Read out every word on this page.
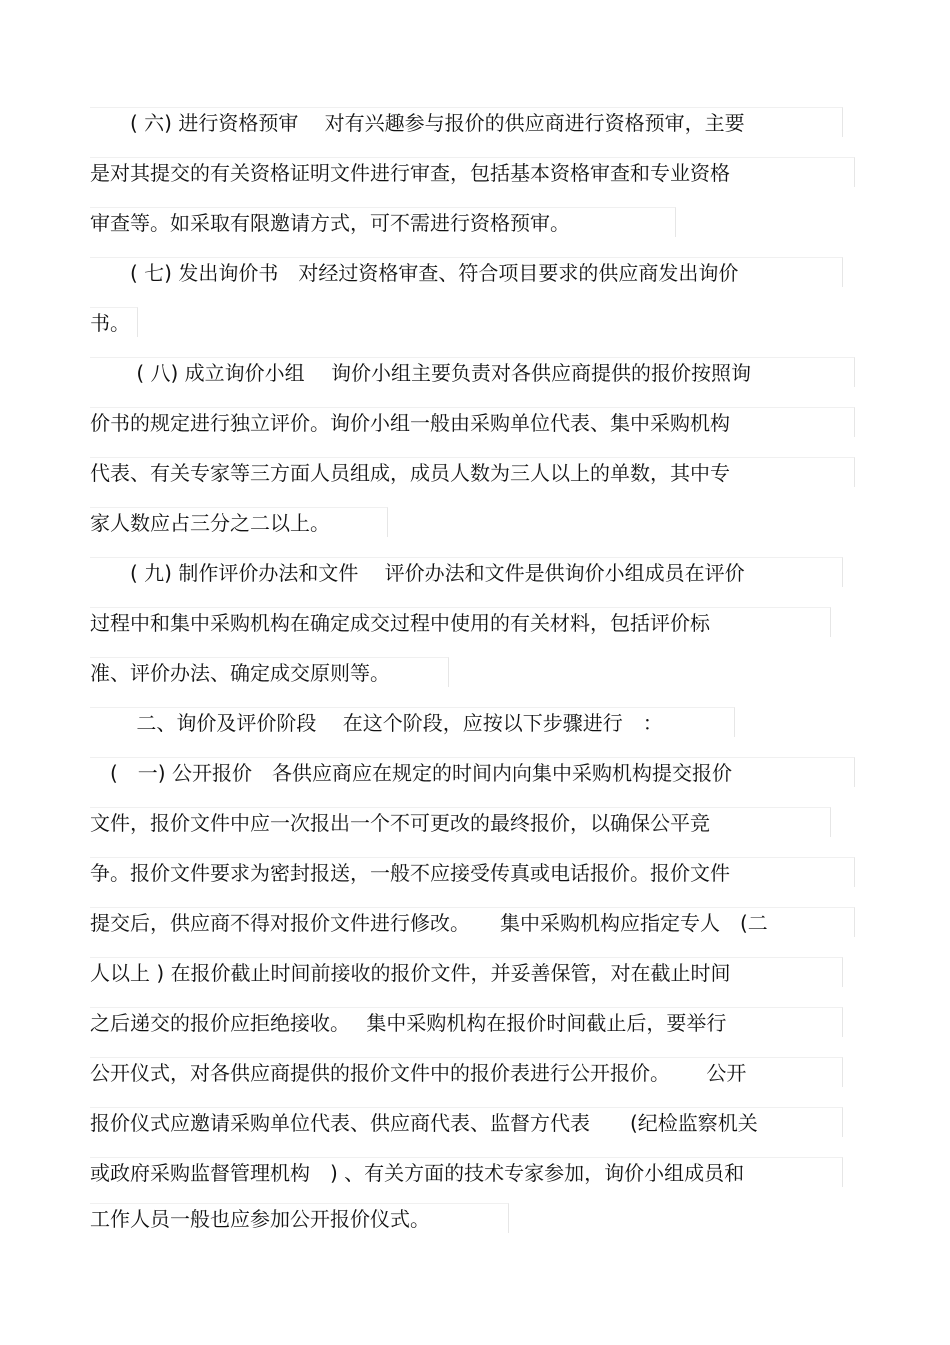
　　( 六) 进行资格预审　 对有兴趣参与报价的供应商进行资格预审，主要
是对其提交的有关资格证明文件进行审查，包括基本资格审查和专业资格
审查等。如采取有限邀请方式，可不需进行资格预审。
　　( 七) 发出询价书　对经过资格审查、符合项目要求的供应商发出询价
书。
　　 ( 八) 成立询价小组　 询价小组主要负责对各供应商提供的报价按照询
价书的规定进行独立评价。询价小组一般由采购单位代表、集中采购机构
代表、有关专家等三方面人员组成，成员人数为三人以上的单数，其中专
家人数应占三分之二以上。
　　( 九) 制作评价办法和文件　 评价办法和文件是供询价小组成员在评价
过程中和集中采购机构在确定成交过程中使用的有关材料，包括评价标
准、评价办法、确定成交原则等。
　　 二、询价及评价阶段　 在这个阶段，应按以下步骤进行　：
　(　一) 公开报价　各供应商应在规定的时间内向集中采购机构提交报价
文件，报价文件中应一次报出一个不可更改的最终报价，以确保公平竞
争。报价文件要求为密封报送，一般不应接受传真或电话报价。报价文件
提交后，供应商不得对报价文件进行修改。　　集中采购机构应指定专人　(二
人以上 ) 在报价截止时间前接收的报价文件，并妥善保管，对在截止时间
之后递交的报价应拒绝接收。　 集中采购机构在报价时间截止后，要举行
公开仪式，对各供应商提供的报价文件中的报价表进行公开报价。　　 公开
报价仪式应邀请采购单位代表、供应商代表、监督方代表　　(纪检监察机关
或政府采购监督管理机构　) 、有关方面的技术专家参加，询价小组成员和
工作人员一般也应参加公开报价仪式。
